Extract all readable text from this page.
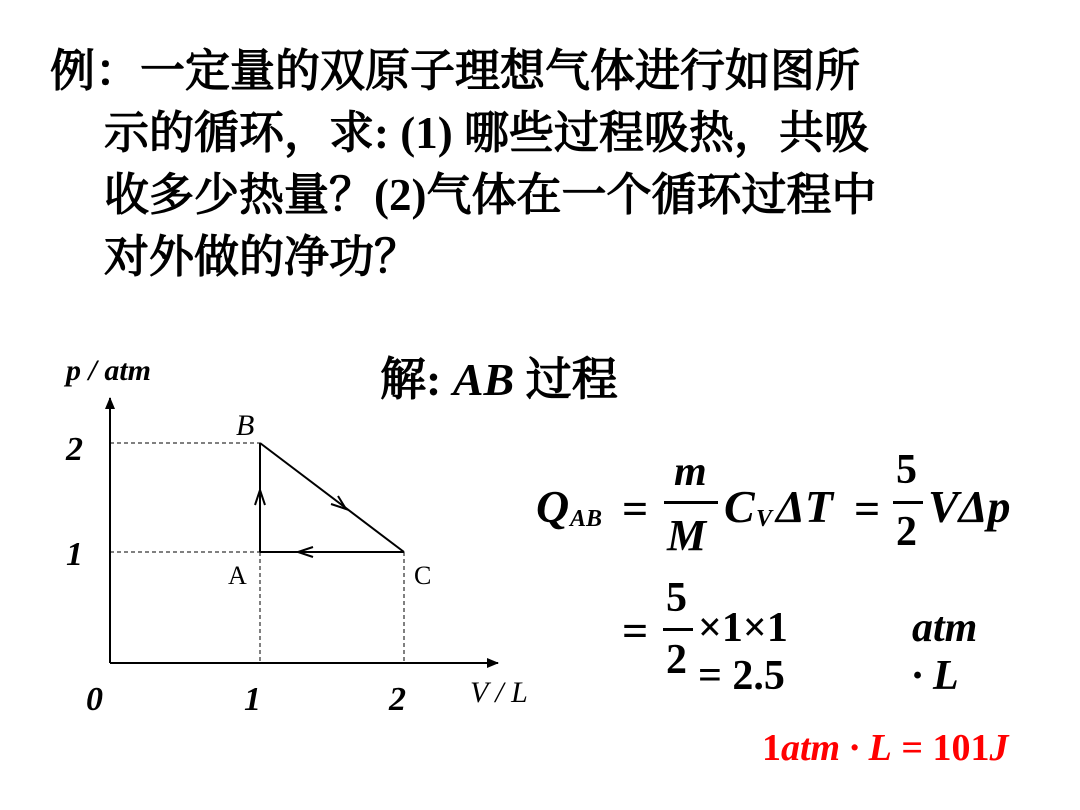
例：一定量的双原子理想气体进行如图所
示的循环，求: (1) 哪些过程吸热，共吸
收多少热量？(2)气体在一个循环过程中
对外做的净功？
p / atm
V / L
0	1	2
2
1
B
A	C
解: AB 过程
Q AB =
m
M
C V ΔT =
5
2 VΔp
=
5
2
×1×1 = 2.5
atm · L
1atm · L = 101J
